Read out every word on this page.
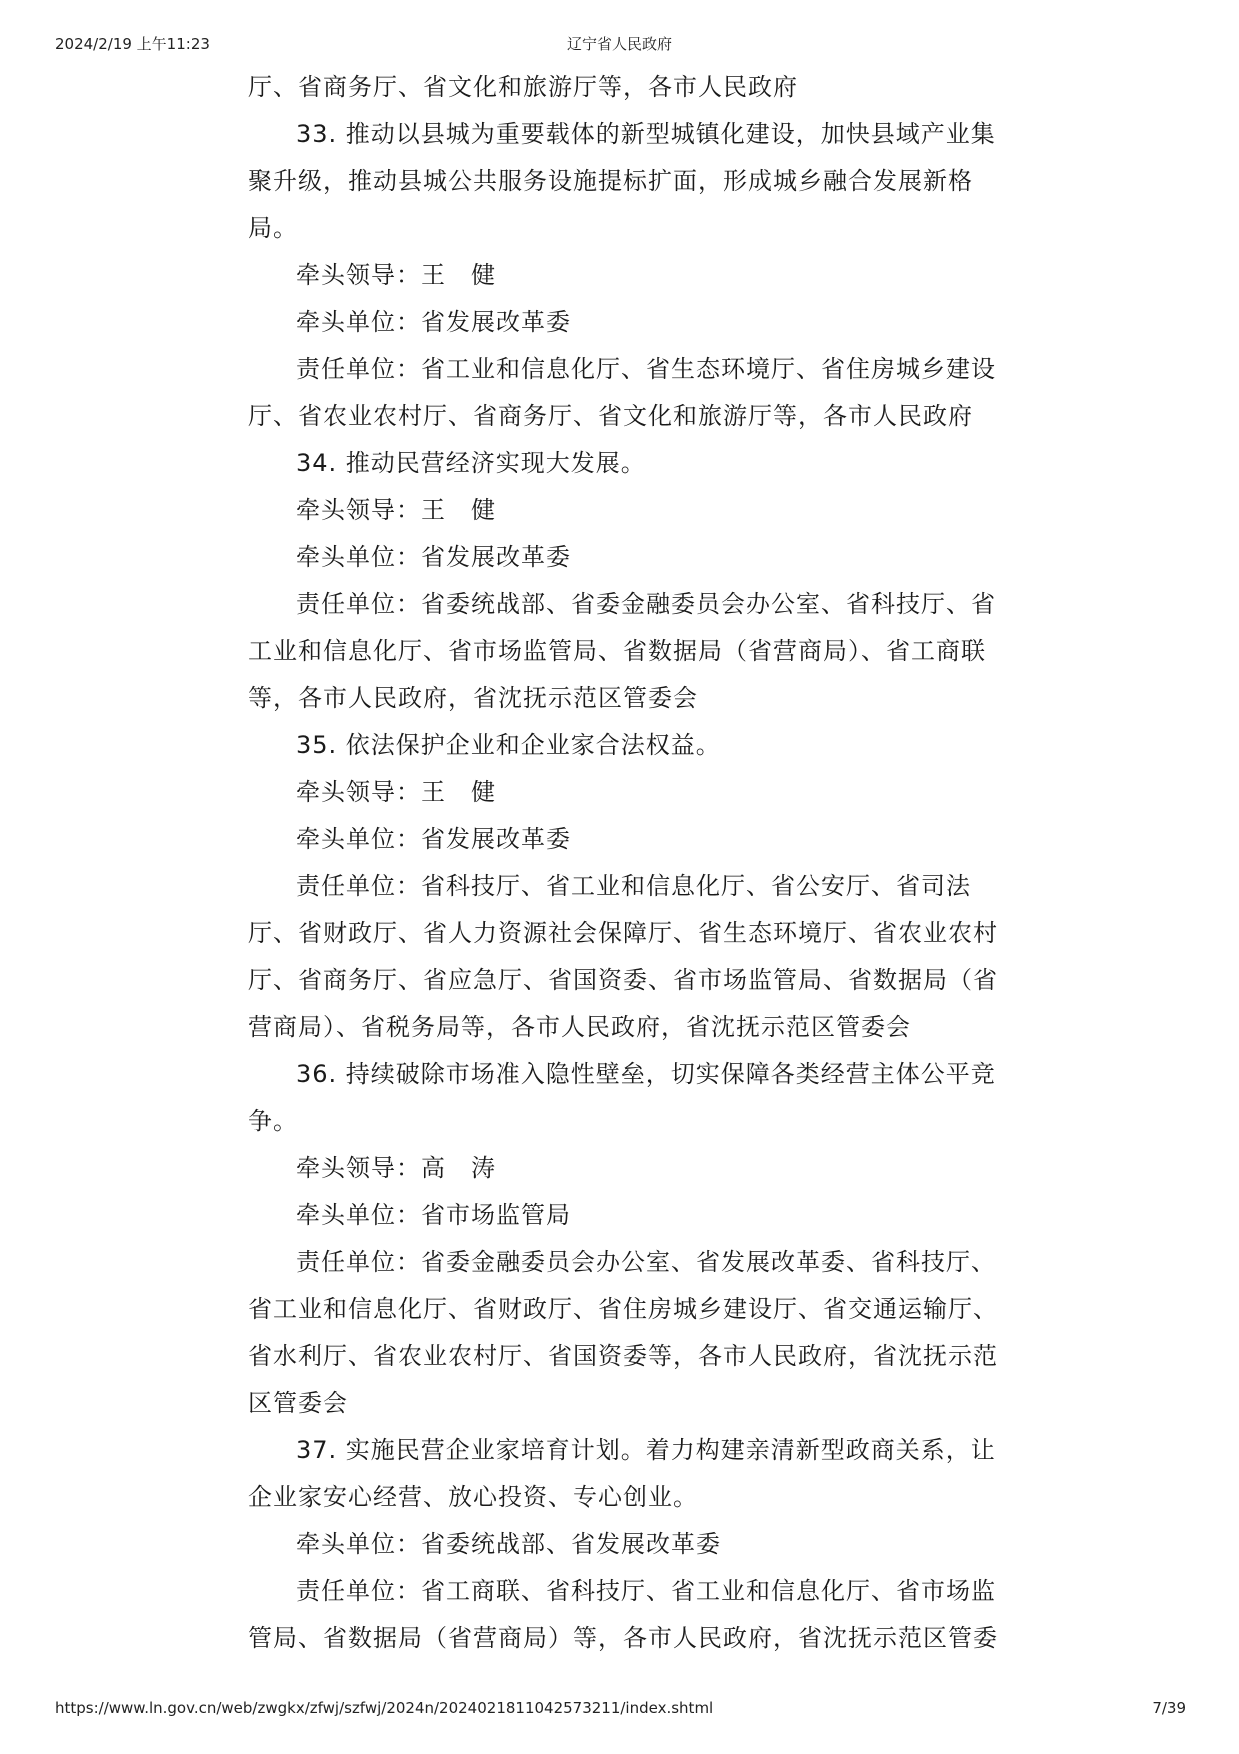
2024/2/19 上午11:23	辽宁省人民政府

厅、省商务厅、省文化和旅游厅等，各市人民政府

33. 推动以县城为重要载体的新型城镇化建设，加快县域产业集聚升级，推动县城公共服务设施提标扩面，形成城乡融合发展新格局。

牵头领导：王　健

牵头单位：省发展改革委

责任单位：省工业和信息化厅、省生态环境厅、省住房城乡建设厅、省农业农村厅、省商务厅、省文化和旅游厅等，各市人民政府

34. 推动民营经济实现大发展。

牵头领导：王　健

牵头单位：省发展改革委

责任单位：省委统战部、省委金融委员会办公室、省科技厅、省工业和信息化厅、省市场监管局、省数据局（省营商局）、省工商联等，各市人民政府，省沈抚示范区管委会

35. 依法保护企业和企业家合法权益。

牵头领导：王　健

牵头单位：省发展改革委

责任单位：省科技厅、省工业和信息化厅、省公安厅、省司法厅、省财政厅、省人力资源社会保障厅、省生态环境厅、省农业农村厅、省商务厅、省应急厅、省国资委、省市场监管局、省数据局（省营商局）、省税务局等，各市人民政府，省沈抚示范区管委会

36. 持续破除市场准入隐性壁垒，切实保障各类经营主体公平竞争。

牵头领导：高　涛

牵头单位：省市场监管局

责任单位：省委金融委员会办公室、省发展改革委、省科技厅、省工业和信息化厅、省财政厅、省住房城乡建设厅、省交通运输厅、省水利厅、省农业农村厅、省国资委等，各市人民政府，省沈抚示范区管委会

37. 实施民营企业家培育计划。着力构建亲清新型政商关系，让企业家安心经营、放心投资、专心创业。

牵头单位：省委统战部、省发展改革委

责任单位：省工商联、省科技厅、省工业和信息化厅、省市场监管局、省数据局（省营商局）等，各市人民政府，省沈抚示范区管委

https://www.ln.gov.cn/web/zwgkx/zfwj/szfwj/2024n/2024021811042573211/index.shtml	7/39
